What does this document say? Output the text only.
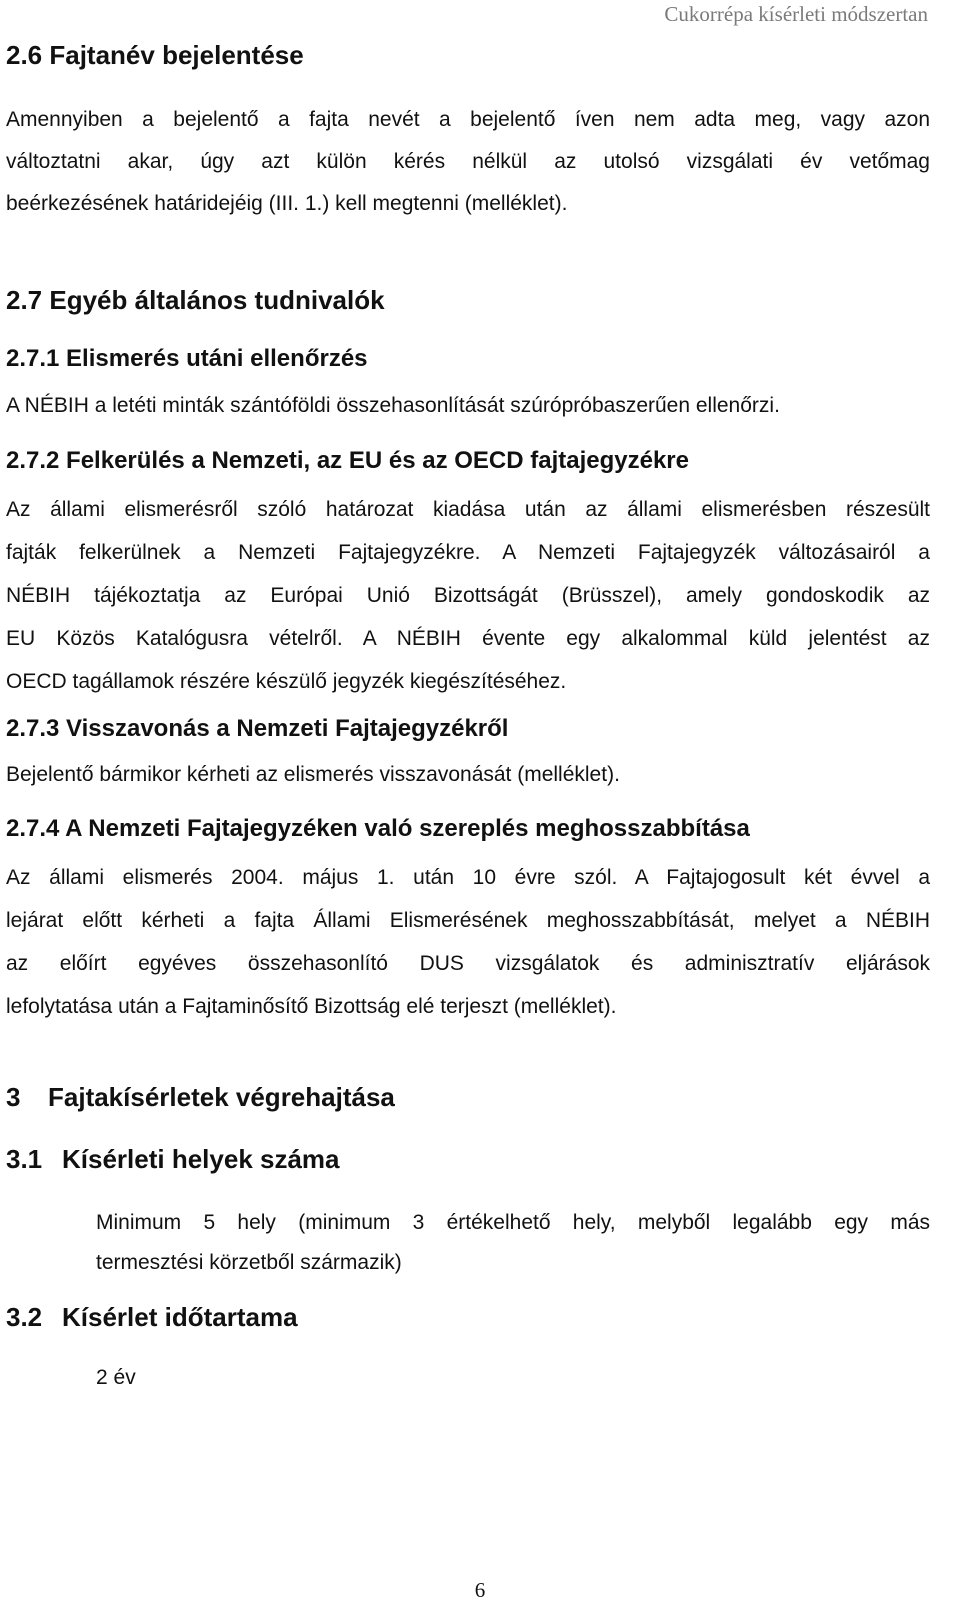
Cukorrépa kísérleti módszertan
2.6 Fajtanév bejelentése
Amennyiben a bejelentő a fajta nevét a bejelentő íven nem adta meg, vagy azon
változtatni akar, úgy azt külön kérés nélkül az utolsó vizsgálati év vetőmag
beérkezésének határidejéig (III. 1.) kell megtenni (melléklet).
2.7 Egyéb általános tudnivalók
2.7.1 Elismerés utáni ellenőrzés
A NÉBIH a letéti minták szántóföldi összehasonlítását szúrópróbaszerűen ellenőrzi.
2.7.2 Felkerülés a Nemzeti, az EU és az OECD fajtajegyzékre
Az állami elismerésről szóló határozat kiadása után az állami elismerésben részesült
fajták felkerülnek a Nemzeti Fajtajegyzékre. A Nemzeti Fajtajegyzék változásairól a
NÉBIH tájékoztatja az Európai Unió Bizottságát (Brüsszel), amely gondoskodik az
EU Közös Katalógusra vételről. A NÉBIH évente egy alkalommal küld jelentést az
OECD tagállamok részére készülő jegyzék kiegészítéséhez.
2.7.3 Visszavonás a Nemzeti Fajtajegyzékről
Bejelentő bármikor kérheti az elismerés visszavonását (melléklet).
2.7.4 A Nemzeti Fajtajegyzéken való szereplés meghosszabbítása
Az állami elismerés 2004. május 1. után 10 évre szól. A Fajtajogosult két évvel a
lejárat előtt kérheti a fajta Állami Elismerésének meghosszabbítását, melyet a NÉBIH
az előírt egyéves összehasonlító DUS vizsgálatok és adminisztratív eljárások
lefolytatása után a Fajtaminősítő Bizottság elé terjeszt (melléklet).
3 Fajtakísérletek végrehajtása
3.1 Kísérleti helyek száma
Minimum 5 hely (minimum 3 értékelhető hely, melyből legalább egy más
termesztési körzetből származik)
3.2 Kísérlet időtartama
2 év
6
